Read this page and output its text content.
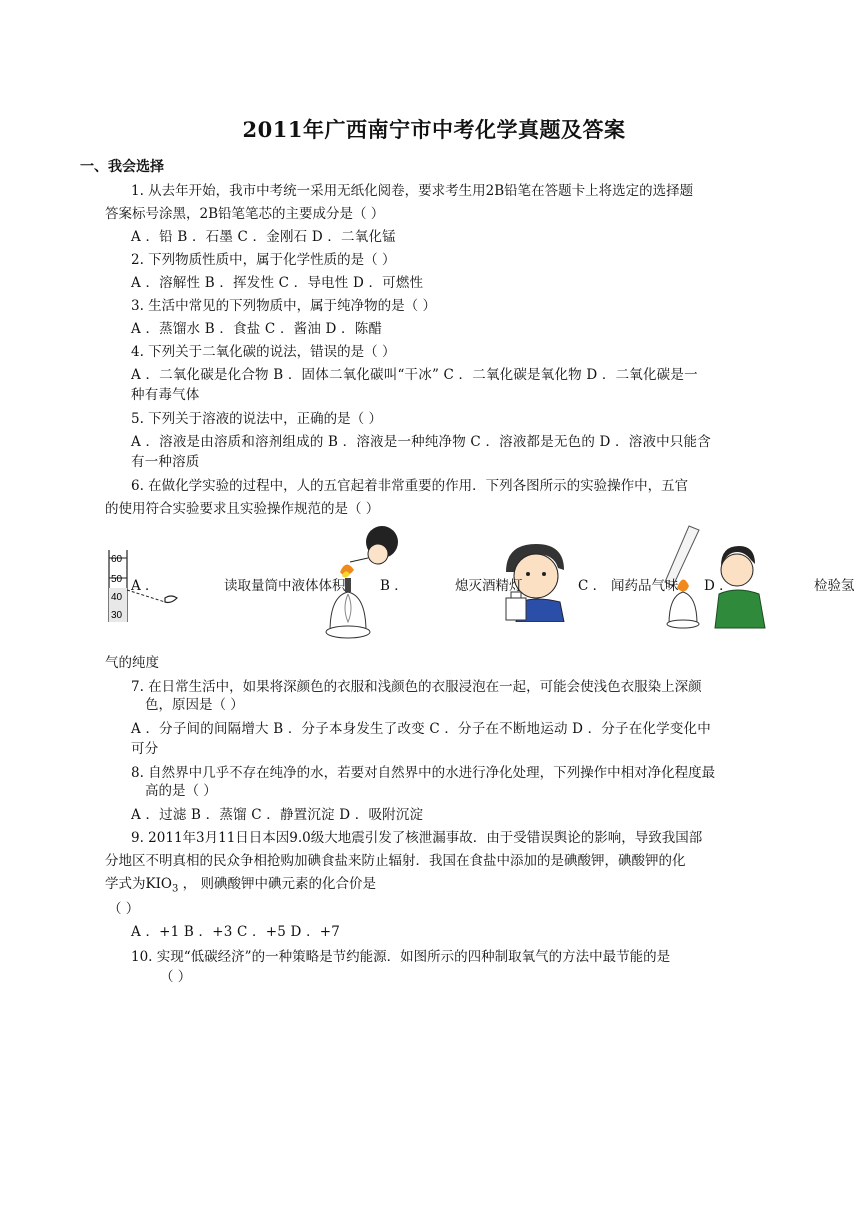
2011年广西南宁市中考化学真题及答案
一、我会选择
1. 从去年开始，我市中考统一采用无纸化阅卷，要求考生用2B铅笔在答题卡上将选定的选择题
答案标号涂黑，2B铅笔笔芯的主要成分是（ ）
A ．铅 B ．石墨 C ．金刚石 D ．二氧化锰
2. 下列物质性质中，属于化学性质的是（ ）
A ．溶解性 B ．挥发性 C ．导电性 D ．可燃性
3. 生活中常见的下列物质中，属于纯净物的是（ ）
A ．蒸馏水 B ．食盐 C ．酱油 D ．陈醋
4. 下列关于二氧化碳的说法，错误的是（ ）
A ．二氧化碳是化合物 B ．固体二氧化碳叫“干冰” C ．二氧化碳是氧化物 D ．二氧化碳是一
种有毒气体
5. 下列关于溶液的说法中，正确的是（ ）
A ．溶液是由溶质和溶剂组成的 B ．溶液是一种纯净物 C ．溶液都是无色的 D ．溶液中只能含
有一种溶质
6. 在做化学实验的过程中，人的五官起着非常重要的作用．下列各图所示的实验操作中，五官
的使用符合实验要求且实验操作规范的是（ ）
60
50
40
30
A ．	读取量筒中液体体积	B ．	熄灭酒精灯	C ． 闻药品气味 D ．	检验氢
气的纯度
7. 在日常生活中，如果将深颜色的衣服和浅颜色的衣服浸泡在一起，可能会使浅色衣服染上深颜
色，原因是（ ）
A ．分子间的间隔增大 B ．分子本身发生了改变 C ．分子在不断地运动 D ．分子在化学变化中
可分
8. 自然界中几乎不存在纯净的水，若要对自然界中的水进行净化处理，下列操作中相对净化程度最
高的是（ ）
A ．过滤 B ．蒸馏 C ．静置沉淀 D ．吸附沉淀
9. 2011年3月11日日本因9.0级大地震引发了核泄漏事故．由于受错误舆论的影响，导致我国部
分地区不明真相的民众争相抢购加碘食盐来防止辐射．我国在食盐中添加的是碘酸钾，碘酸钾的化
学式为$KIO_3$ ， 则碘酸钾中碘元素的化合价是
（ ）
A ．+1 B ．+3 C ．+5 D ．+7
10. 实现“低碳经济”的一种策略是节约能源．如图所示的四种制取氧气的方法中最节能的是
（ ）
